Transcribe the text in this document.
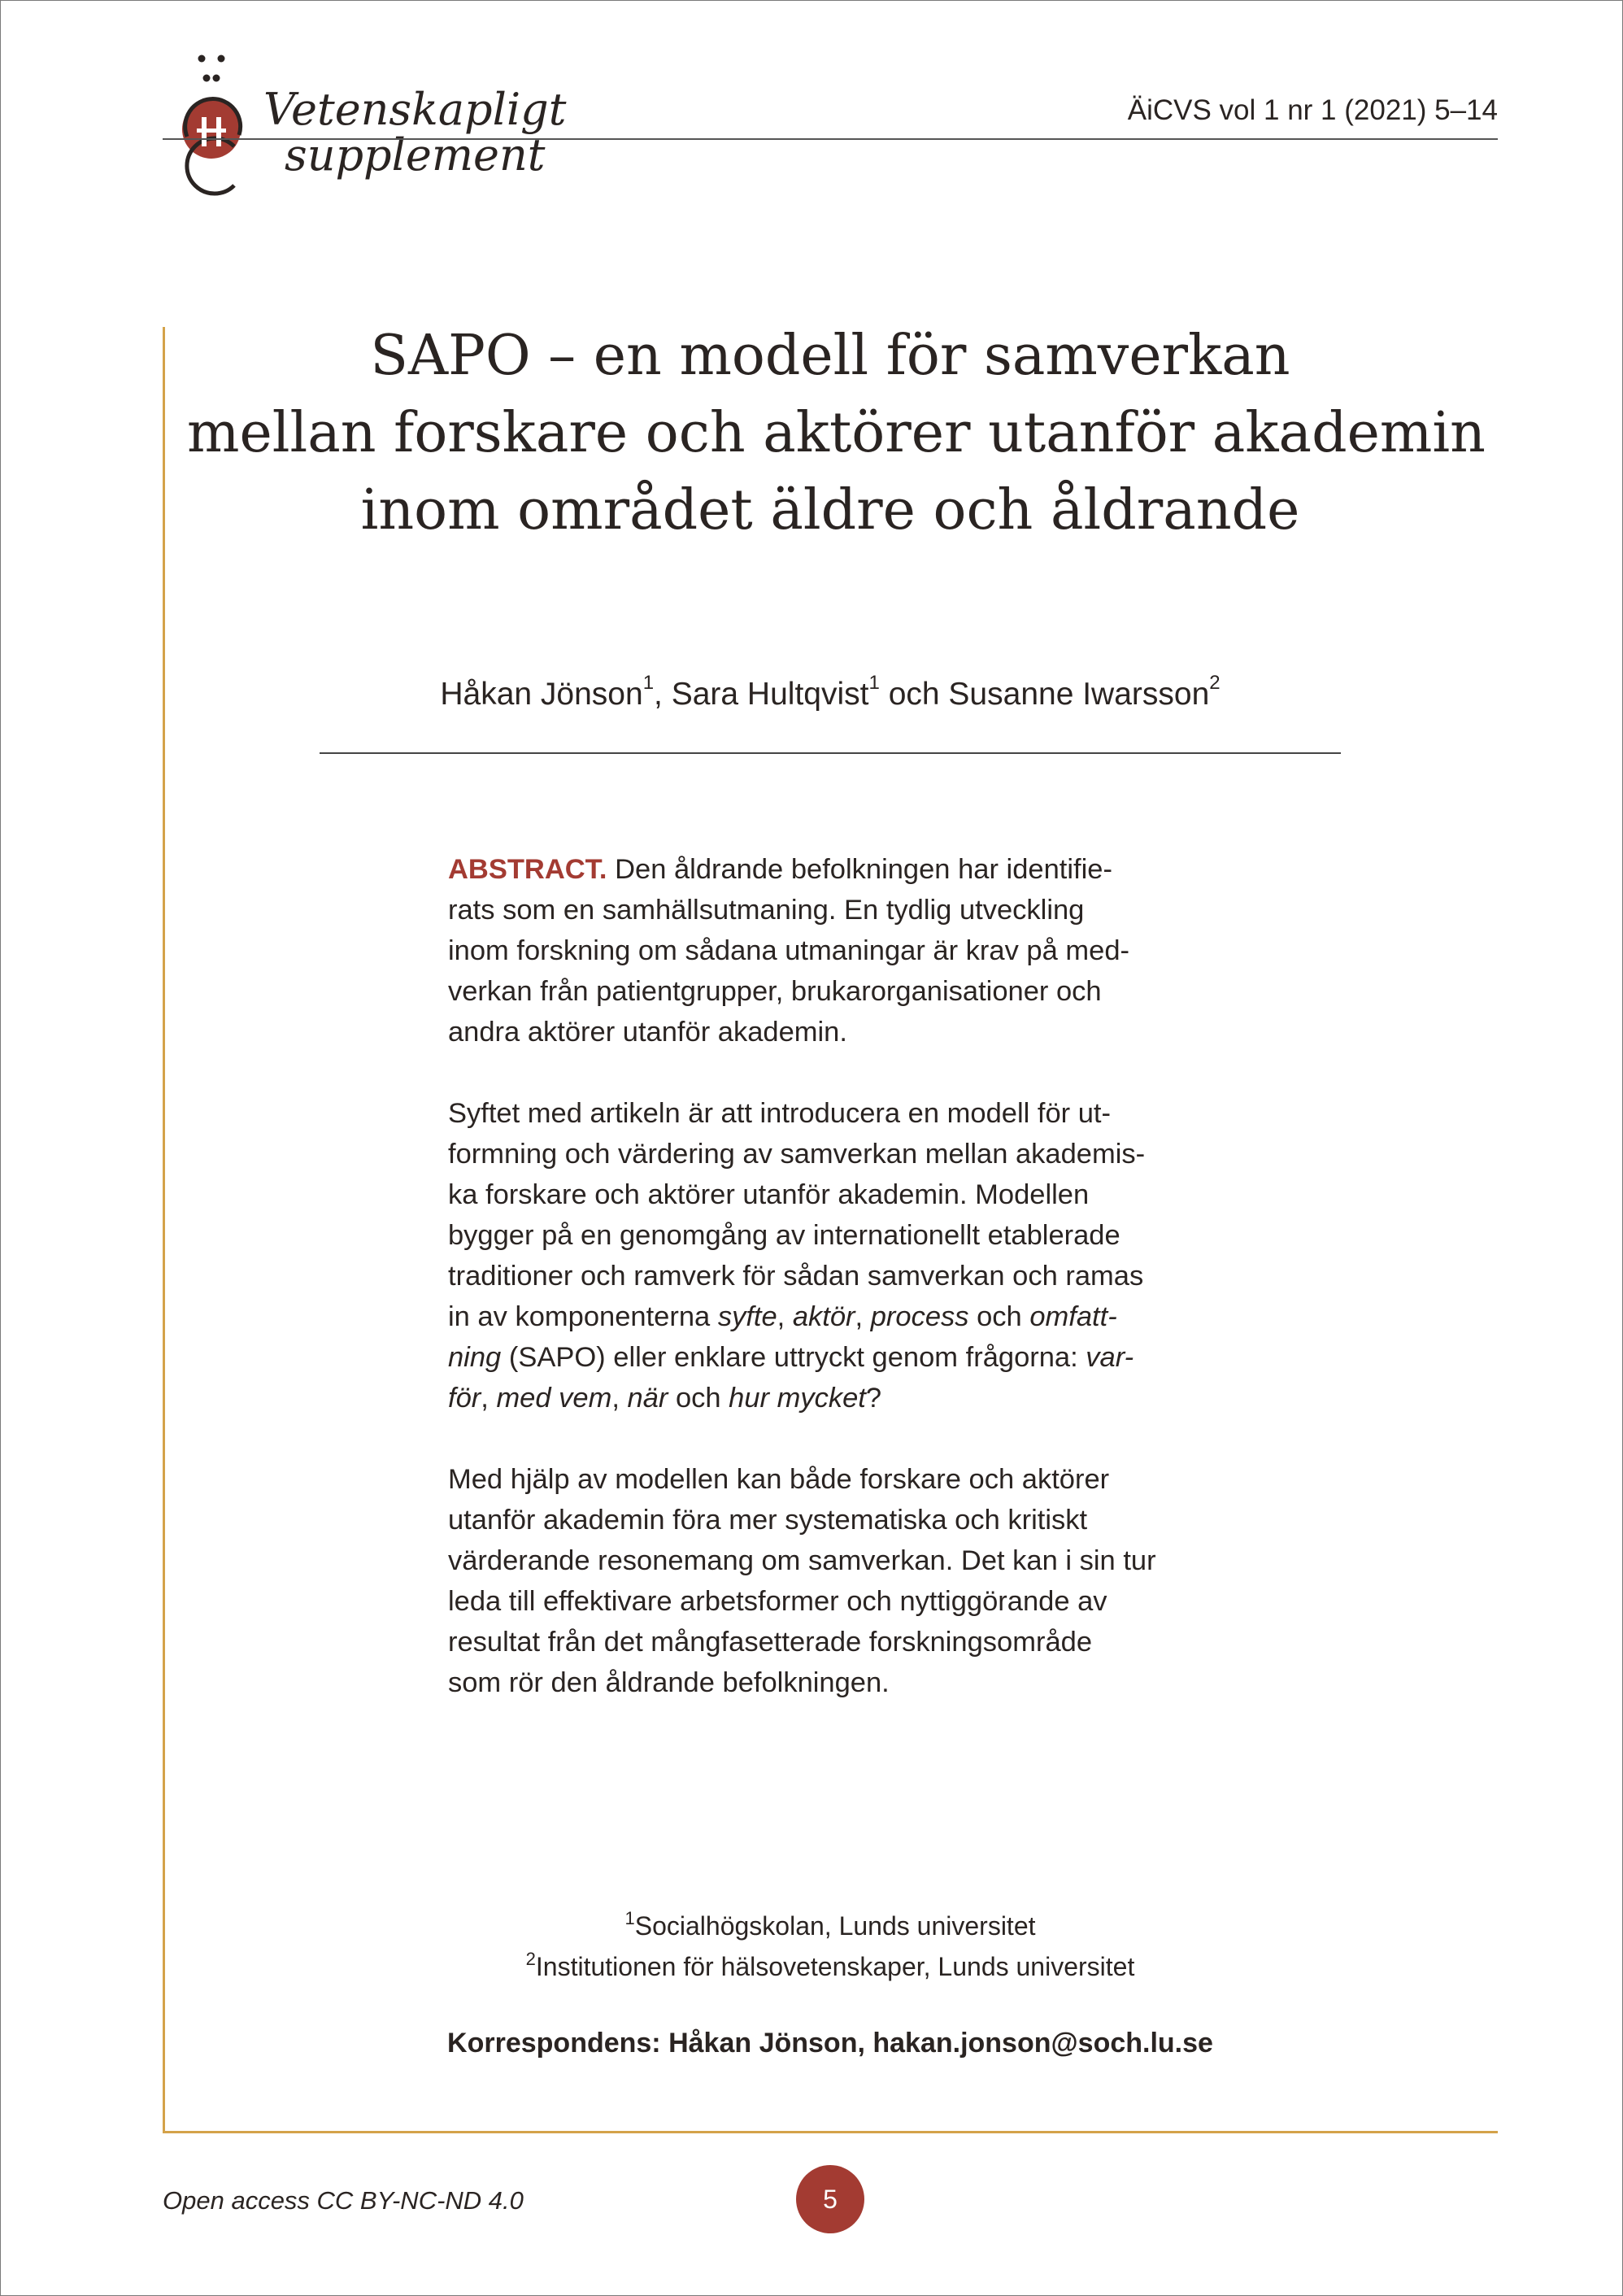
Vetenskapligt
supplement
ÄiCVS vol 1 nr 1 (2021) 5–14
SAPO – en modell för samverkan
mellan forskare och aktörer utanför akademin
inom området äldre och åldrande
Håkan Jönson$^1$, Sara Hultqvist$^1$ och Susanne Iwarsson$^2$
ABSTRACT. Den åldrande befolkningen har identifie-
rats som en samhällsutmaning. En tydlig utveckling
inom forskning om sådana utmaningar är krav på med-
verkan från patientgrupper, brukarorganisationer och
andra aktörer utanför akademin.
Syftet med artikeln är att introducera en modell för ut-
formning och värdering av samverkan mellan akademis-
ka forskare och aktörer utanför akademin. Modellen
bygger på en genomgång av internationellt etablerade
traditioner och ramverk för sådan samverkan och ramas
in av komponenterna syfte, aktör, process och omfatt-
ning (SAPO) eller enklare uttryckt genom frågorna: var-
för, med vem, när och hur mycket?
Med hjälp av modellen kan både forskare och aktörer
utanför akademin föra mer systematiska och kritiskt
värderande resonemang om samverkan. Det kan i sin tur
leda till effektivare arbetsformer och nyttiggörande av
resultat från det mångfasetterade forskningsområde
som rör den åldrande befolkningen.
$^1$Socialhögskolan, Lunds universitet
$^2$Institutionen för hälsovetenskaper, Lunds universitet
Korrespondens: Håkan Jönson, hakan.jonson@soch.lu.se
Open access CC BY-NC-ND 4.0	5
